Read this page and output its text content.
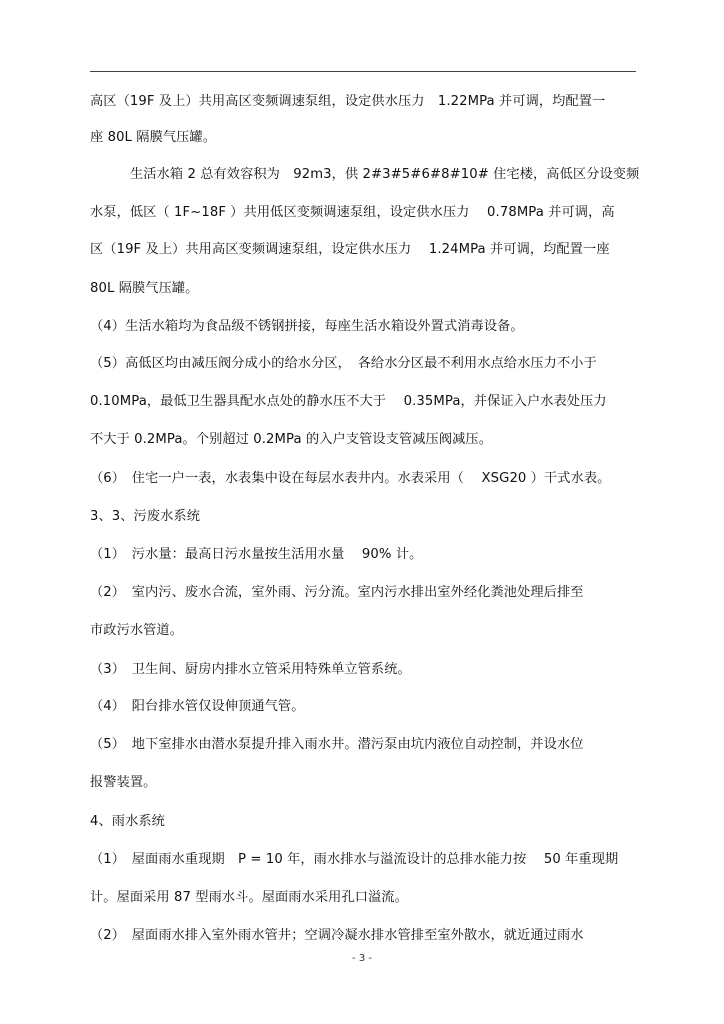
高区（19F 及上）共用高区变频调速泵组，设定供水压力　1.22MPa 并可调，均配置一
座 80L 隔膜气压罐。
生活水箱 2 总有效容积为　92m3，供 2#3#5#6#8#10# 住宅楼，高低区分设变频
水泵，低区（ 1F~18F ）共用低区变频调速泵组，设定供水压力　 0.78MPa 并可调，高
区（19F 及上）共用高区变频调速泵组，设定供水压力　 1.24MPa 并可调，均配置一座
80L 隔膜气压罐。
（4）生活水箱均为食品级不锈钢拼接，每座生活水箱设外置式消毒设备。
（5）高低区均由减压阀分成小的给水分区，　各给水分区最不利用水点给水压力不小于
0.10MPa，最低卫生器具配水点处的静水压不大于　 0.35MPa，并保证入户水表处压力
不大于 0.2MPa。个别超过 0.2MPa 的入户支管设支管减压阀减压。
（6）　住宅一户一表，水表集中设在每层水表井内。水表采用（　 XSG20 ）干式水表。
3、3、污废水系统
（1）　污水量：最高日污水量按生活用水量　 90% 计。
（2）　室内污、废水合流，室外雨、污分流。室内污水排出室外经化粪池处理后排至
市政污水管道。
（3）　卫生间、厨房内排水立管采用特殊单立管系统。
（4）　阳台排水管仅设伸顶通气管。
（5）　地下室排水由潜水泵提升排入雨水井。潜污泵由坑内液位自动控制，并设水位
报警装置。
4、雨水系统
（1）　屋面雨水重现期　P = 10 年，雨水排水与溢流设计的总排水能力按　 50 年重现期
计。屋面采用 87 型雨水斗。屋面雨水采用孔口溢流。
（2）　屋面雨水排入室外雨水管井；空调冷凝水排水管排至室外散水，就近通过雨水
- 3 -
